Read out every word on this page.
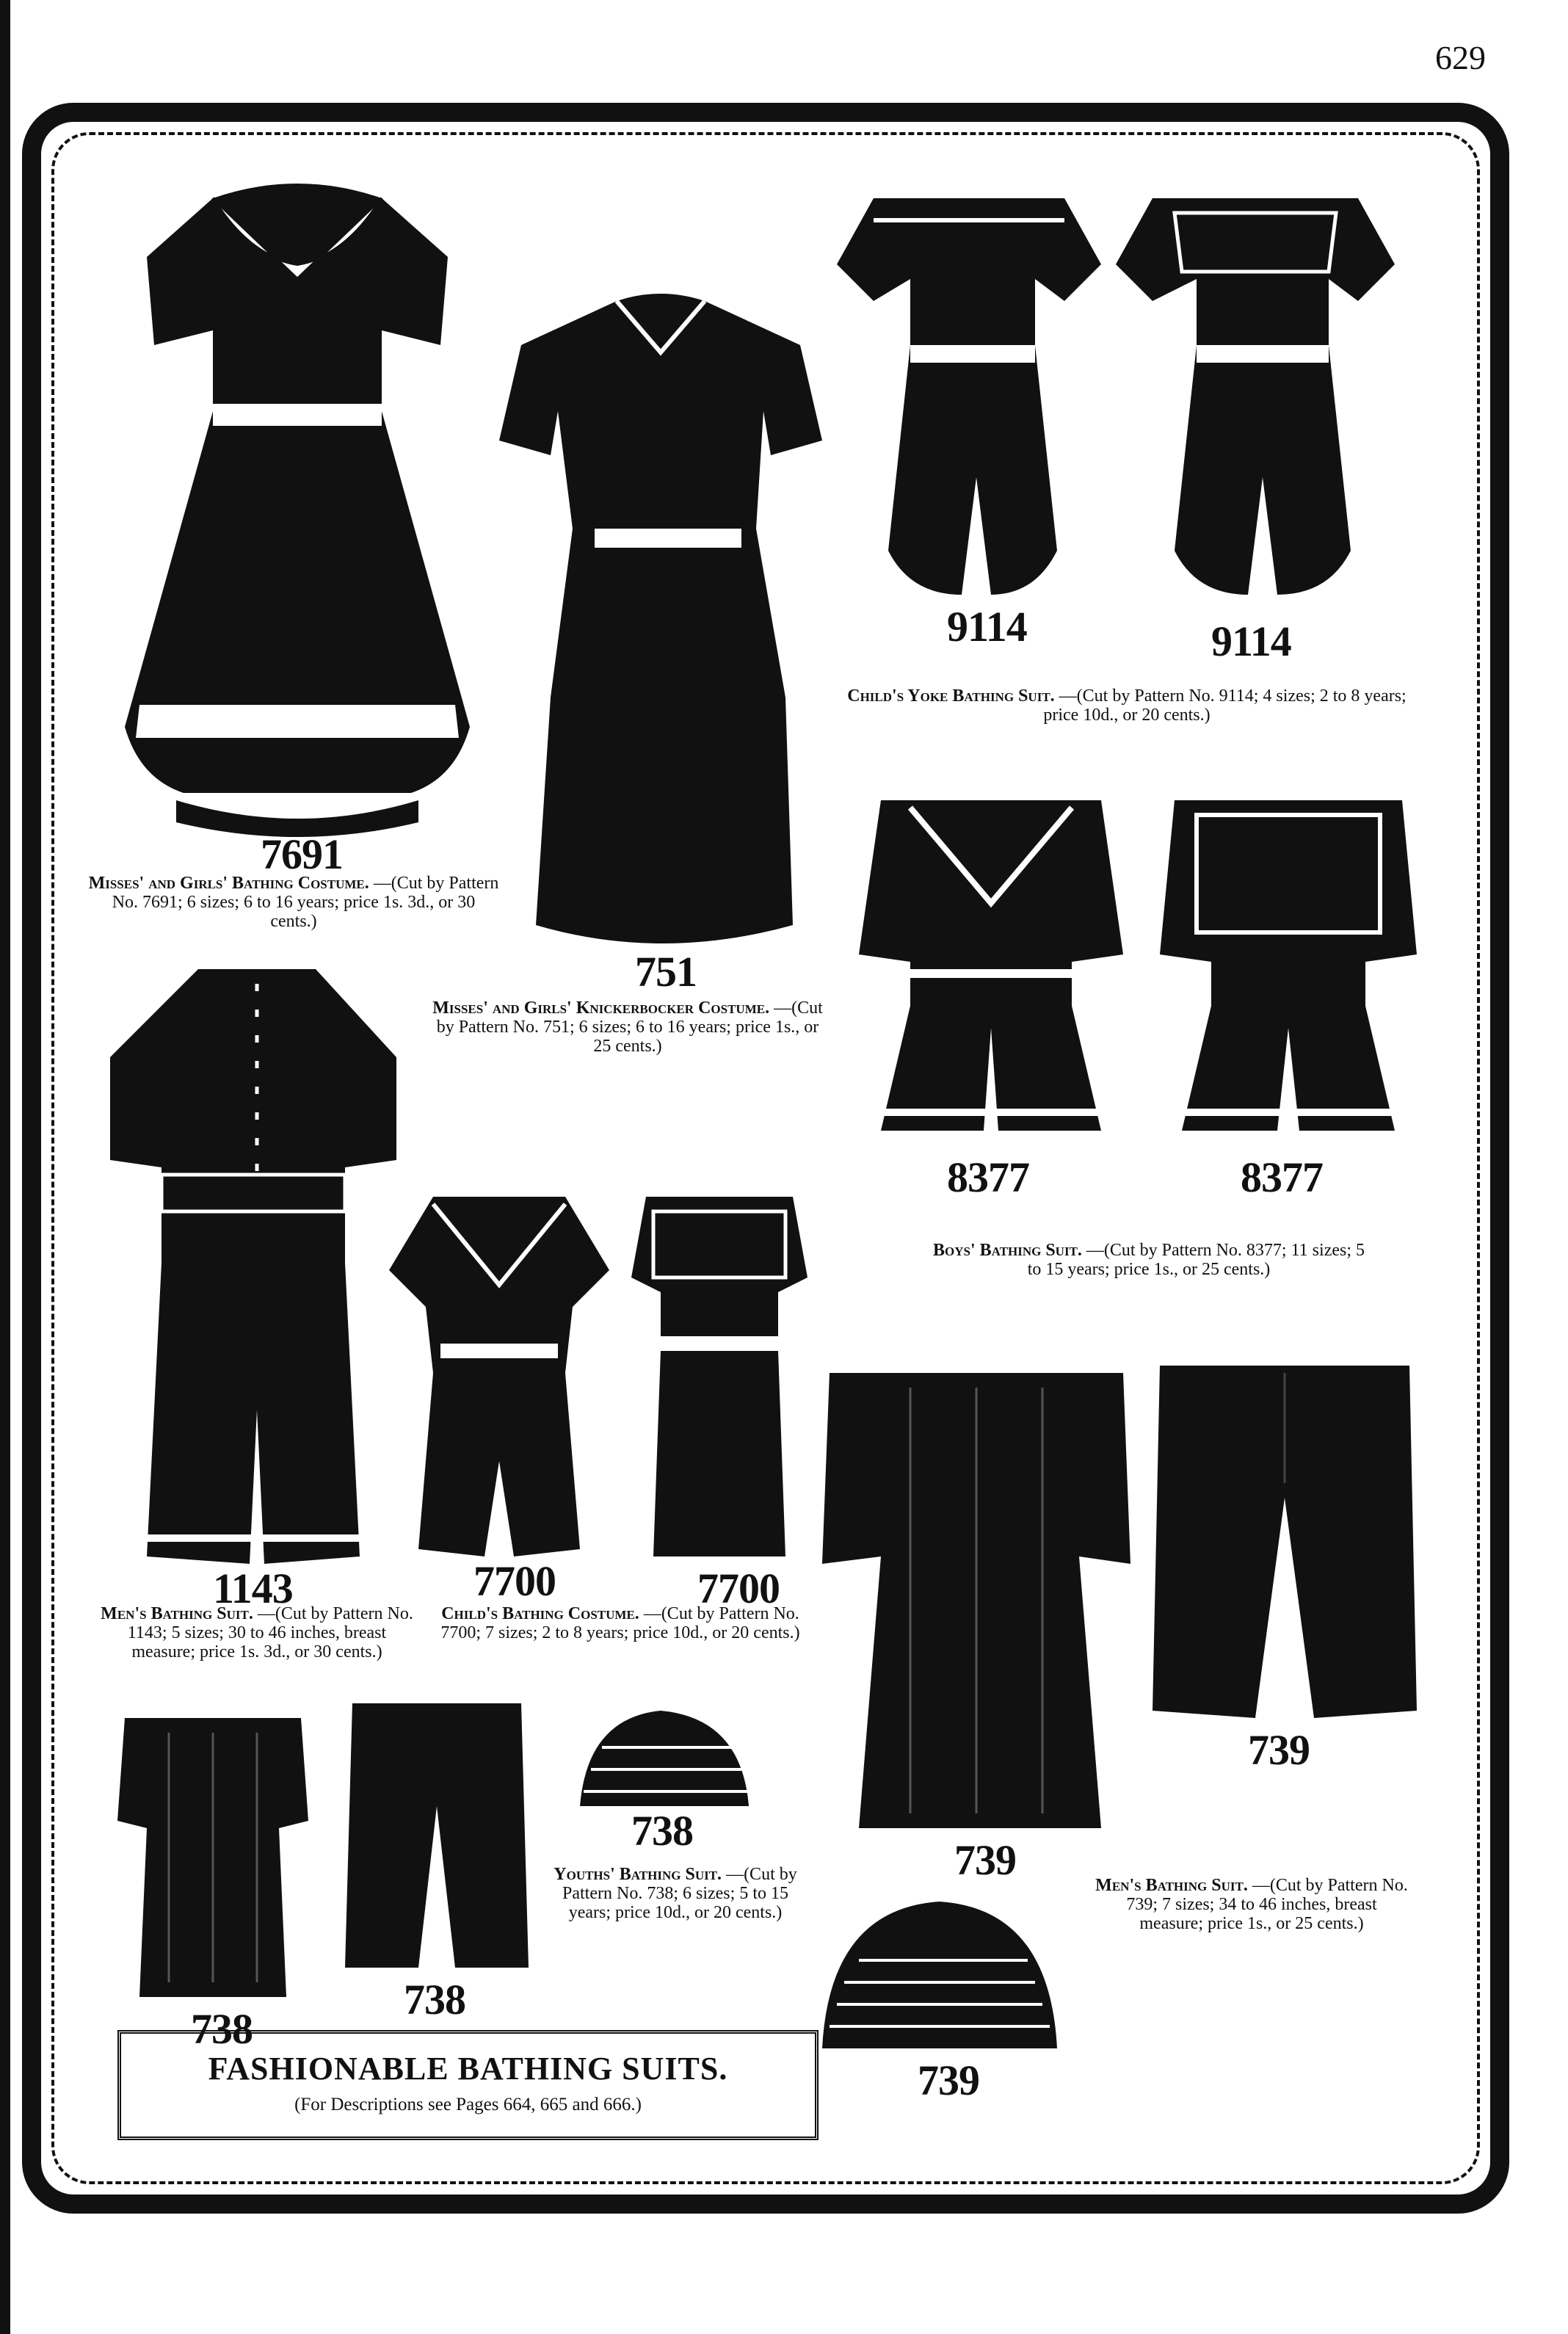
629
7691
Misses' and Girls' Bathing Costume. —(Cut by Pattern No. 7691; 6 sizes; 6 to 16 years; price 1s. 3d., or 30 cents.)
751
Misses' and Girls' Knickerbocker Costume. —(Cut by Pattern No. 751; 6 sizes; 6 to 16 years; price 1s., or 25 cents.)
9114	9114
Child's Yoke Bathing Suit. —(Cut by Pattern No. 9114; 4 sizes; 2 to 8 years; price 10d., or 20 cents.)
8377	8377
Boys' Bathing Suit. —(Cut by Pattern No. 8377; 11 sizes; 5 to 15 years; price 1s., or 25 cents.)
1143
Men's Bathing Suit. —(Cut by Pattern No. 1143; 5 sizes; 30 to 46 inches, breast measure; price 1s. 3d., or 30 cents.)
7700	7700
Child's Bathing Costume. —(Cut by Pattern No. 7700; 7 sizes; 2 to 8 years; price 10d., or 20 cents.)
738
738
738
Youths' Bathing Suit. —(Cut by Pattern No. 738; 6 sizes; 5 to 15 years; price 10d., or 20 cents.)
739
739
739
Men's Bathing Suit. —(Cut by Pattern No. 739; 7 sizes; 34 to 46 inches, breast measure; price 1s., or 25 cents.)
FASHIONABLE BATHING SUITS.
(For Descriptions see Pages 664, 665 and 666.)
